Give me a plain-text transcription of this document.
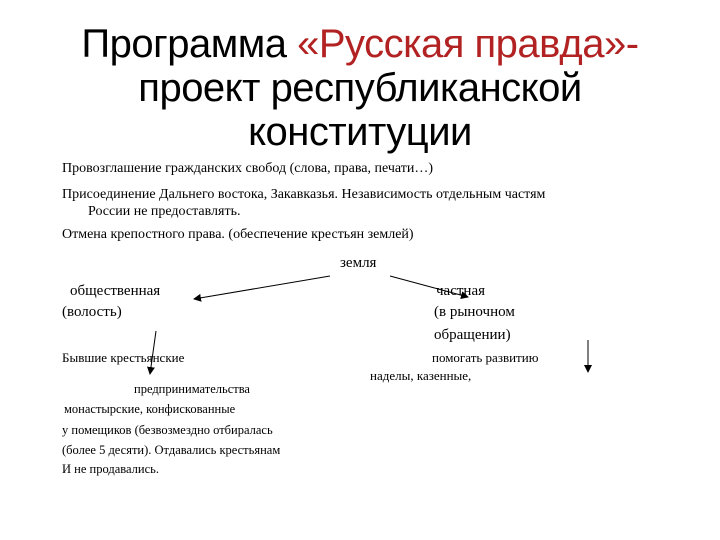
Программа «Русская правда»-
проект республиканской
конституции
Провозглашение гражданских свобод (слова, права, печати…)
Присоединение Дальнего востока, Закавказья. Независимость отдельным частям
России не предоставлять.
Отмена крепостного права. (обеспечение крестьян землей)
земля
общественная	частная
(волость)	(в рыночном
обращении)
Бывшие крестьянские	помогать развитию
наделы, казенные,
предпринимательства
монастырские, конфискованные
у помещиков (безвозмездно отбиралась
(более 5 десяти). Отдавались крестьянам
И не продавались.
